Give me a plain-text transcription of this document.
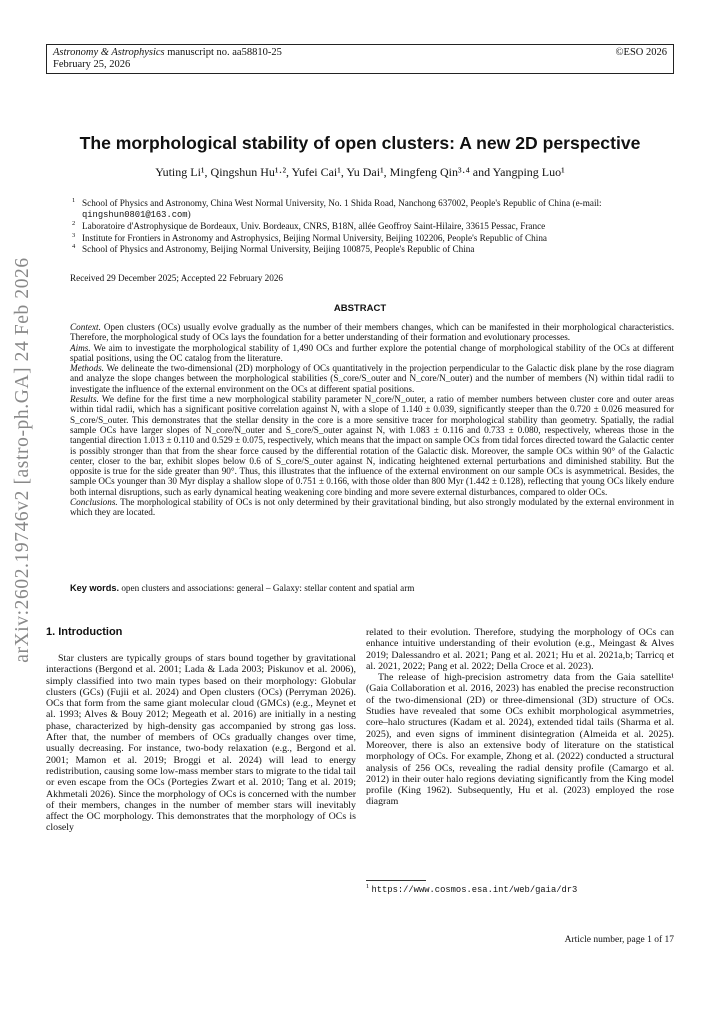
Astronomy & Astrophysics manuscript no. aa58810-25
February 25, 2026
©ESO 2026
arXiv:2602.19746v2 [astro-ph.GA] 24 Feb 2026
The morphological stability of open clusters: A new 2D perspective
Yuting Li¹, Qingshun Hu¹·², Yufei Cai¹, Yu Dai¹, Mingfeng Qin³·⁴ and Yangping Luo¹
1 School of Physics and Astronomy, China West Normal University, No. 1 Shida Road, Nanchong 637002, People's Republic of China (e-mail: qingshun0801@163.com)
2 Laboratoire d'Astrophysique de Bordeaux, Univ. Bordeaux, CNRS, B18N, allée Geoffroy Saint-Hilaire, 33615 Pessac, France
3 Institute for Frontiers in Astronomy and Astrophysics, Beijing Normal University, Beijing 102206, People's Republic of China
4 School of Physics and Astronomy, Beijing Normal University, Beijing 100875, People's Republic of China
Received 29 December 2025; Accepted 22 February 2026
ABSTRACT

Context. Open clusters (OCs) usually evolve gradually as the number of their members changes, which can be manifested in their morphological characteristics. Therefore, the morphological study of OCs lays the foundation for a better understanding of their formation and evolutionary processes.

Aims. We aim to investigate the morphological stability of 1,490 OCs and further explore the potential change of morphological stability of the OCs at different spatial positions, using the OC catalog from the literature.

Methods. We delineate the two-dimensional (2D) morphology of OCs quantitatively in the projection perpendicular to the Galactic disk plane by the rose diagram and analyze the slope changes between the morphological stabilities (S_core/S_outer and N_core/N_outer) and the number of members (N) within tidal radii to investigate the influence of the external environment on the OCs at different spatial positions.

Results. We define for the first time a new morphological stability parameter N_core/N_outer, a ratio of member numbers between cluster core and outer areas within tidal radii, which has a significant positive correlation against N, with a slope of 1.140 ± 0.039, significantly steeper than the 0.720 ± 0.026 measured for S_core/S_outer. This demonstrates that the stellar density in the core is a more sensitive tracer for morphological stability than geometry. Spatially, the radial sample OCs have larger slopes of N_core/N_outer and S_core/S_outer against N, with 1.083 ± 0.116 and 0.733 ± 0.080, respectively, whereas those in the tangential direction 1.013 ± 0.110 and 0.529 ± 0.075, respectively, which means that the impact on sample OCs from tidal forces directed toward the Galactic center is possibly stronger than that from the shear force caused by the differential rotation of the Galactic disk. Moreover, the sample OCs within 90° of the Galactic center, closer to the bar, exhibit slopes below 0.6 of S_core/S_outer against N, indicating heightened external perturbations and diminished stability. But the opposite is true for the side greater than 90°. Thus, this illustrates that the influence of the external environment on our sample OCs is asymmetrical. Besides, the sample OCs younger than 30 Myr display a shallow slope of 0.751 ± 0.166, with those older than 800 Myr (1.442 ± 0.128), reflecting that young OCs likely endure both internal disruptions, such as early dynamical heating weakening core binding and more severe external disturbances, compared to older OCs.

Conclusions. The morphological stability of OCs is not only determined by their gravitational binding, but also strongly modulated by the external environment in which they are located.

Key words. open clusters and associations: general – Galaxy: stellar content and spatial arm
1. Introduction

Star clusters are typically groups of stars bound together by gravitational interactions (Bergond et al. 2001; Lada & Lada 2003; Piskunov et al. 2006), simply classified into two main types based on their morphology: Globular clusters (GCs) (Fujii et al. 2024) and Open clusters (OCs) (Perryman 2026). OCs that form from the same giant molecular cloud (GMCs) (e.g., Meynet et al. 1993; Alves & Bouy 2012; Megeath et al. 2016) are initially in a nesting phase, characterized by high-density gas accompanied by strong gas loss. After that, the number of members of OCs gradually changes over time, usually decreasing. For instance, two-body relaxation (e.g., Bergond et al. 2001; Mamon et al. 2019; Broggi et al. 2024) will lead to energy redistribution, causing some low-mass member stars to migrate to the tidal tail or even escape from the OCs (Portegies Zwart et al. 2010; Tang et al. 2019; Akhmetali 2026). Since the morphology of OCs is concerned with the number of their members, changes in the number of member stars will inevitably affect the OC morphology. This demonstrates that the morphology of OCs is closely

related to their evolution. Therefore, studying the morphology of OCs can enhance intuitive understanding of their evolution (e.g., Meingast & Alves 2019; Dalessandro et al. 2021; Pang et al. 2021; Hu et al. 2021a,b; Tarricq et al. 2021, 2022; Pang et al. 2022; Della Croce et al. 2023).

The release of high-precision astrometry data from the Gaia satellite¹ (Gaia Collaboration et al. 2016, 2023) has enabled the precise reconstruction of the two-dimensional (2D) or three-dimensional (3D) structure of OCs. Studies have revealed that some OCs exhibit morphological asymmetries, core–halo structures (Kadam et al. 2024), extended tidal tails (Sharma et al. 2025), and even signs of imminent disintegration (Almeida et al. 2025). Moreover, there is also an extensive body of literature on the statistical morphology of OCs. For example, Zhong et al. (2022) conducted a structural analysis of 256 OCs, revealing the radial density profile (Camargo et al. 2012) in their outer halo regions deviating significantly from the King model profile (King 1962). Subsequently, Hu et al. (2023) employed the rose diagram

$^1$ https://www.cosmos.esa.int/web/gaia/dr3
Article number, page 1 of 17
